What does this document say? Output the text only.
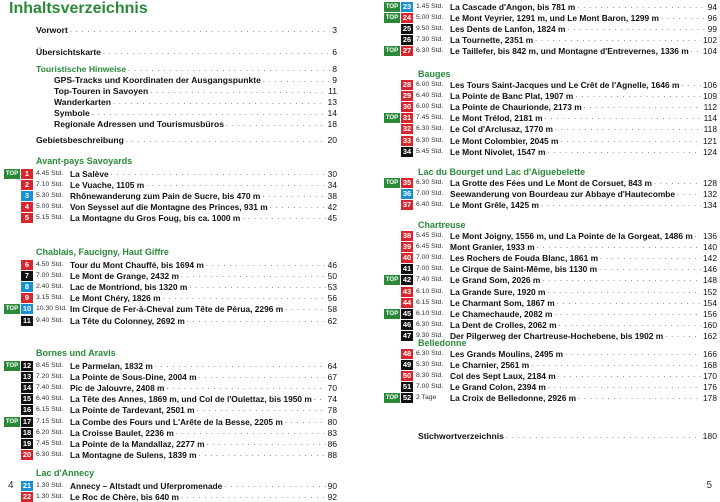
Inhaltsverzeichnis
Vorwort . . .	3
Übersichtskarte . . .	6
Touristische Hinweise . . .	8
GPS-Tracks und Koordinaten der Ausgangspunkte . . .	9
Top-Touren in Savoyen . . .	11
Wanderkarten . . .	13
Symbole . . .	14
Regionale Adressen und Tourismusbüros . . .	18
Gebietsbeschreibung . . .	20
Avant-pays Savoyards
TOP 1	4.45 Std. La Salève . . .	30
2	7.10 Std. Le Vuache, 1105 m . . .	34
3	5.30 Std. Rhônewanderung zum Pain de Sucre, bis 470 m . . .	38
4	5.00 Std. Von Seyssel auf die Montagne des Princes, 931 m . . .	42
5	5.15 Std. La Montagne du Gros Foug, bis ca. 1000 m . . .	45
Chablais, Faucigny, Haut Giffre
6	4.50 Std. Tour du Mont Chauffé, bis 1694 m . . .	46
7	7.00 Std. Le Mont de Grange, 2432 m . . .	50
8	2.40 Std. Lac de Montriond, bis 1320 m . . .	53
9	3.15 Std. Le Mont Chéry, 1826 m . . .	56
TOP 10 10.30 Std. Im Cirque de Fer-à-Cheval zum Tête de Pérua, 2296 m . . .	58
11 9.40 Std. La Tête du Colonney, 2692 m . . .	62
Bornes und Aravis
TOP 12 8.45 Std. Le Parmelan, 1832 m . . .	64
13 7.20 Std. La Pointe de Sous-Dine, 2004 m . . .	67
14 7.40 Std. Pic de Jalouvre, 2408 m . . .	70
15 6.40 Std. La Tête des Annes, 1869 m, und Col de l'Oulettaz, bis 1950 m . . . 74
16 6.15 Std. La Pointe de Tardevant, 2501 m . . .	78
TOP 17 7.15 Std. La Combe des Fours und L'Arête de la Besse, 2205 m . . .	80
18 6.20 Std. La Croisse Baulet, 2236 m . . .	83
19 7.45 Std. La Pointe de la Mandallaz, 2277 m . . .	86
20 6.30 Std. La Montagne de Sulens, 1839 m . . .	88
Lac d'Annecy
21 1.30 Std. Annecy – Altstadt und Uferpromenade . . .	90
22 1.30 Std. Le Roc de Chère, bis 640 m . . .	92
4
TOP 23 1.45 Std. La Cascade d'Angon, bis 781 m . . .	94
TOP 24 5.00 Std. Le Mont Veyrier, 1291 m, und Le Mont Baron, 1299 m . . .	96
25 9.50 Std. Les Dents de Lanfon, 1824 m . . .	99
26 7.30 Std. La Tournette, 2351 m . . .	102
TOP 27 6.30 Std. Le Taillefer, bis 842 m, und Montagne d'Entrevernes, 1336 m . . . 104
Bauges
28 6.00 Std. Les Tours Saint-Jacques und Le Crêt de l'Agnelle, 1646 m . . .	106
29 6.40 Std. La Pointe de Banc Plat, 1907 m . . .	109
30 6.00 Std. La Pointe de Chaurionde, 2173 m . . .	112
TOP 31 7.45 Std. Le Mont Trélod, 2181 m . . .	114
32 6.30 Std. Le Col d'Arclusaz, 1770 m . . .	118
33 6.30 Std. Le Mont Colombier, 2045 m . . .	121
34 5.45 Std. Le Mont Nivolet, 1547 m . . .	124
Lac du Bourget und Lac d'Aiguebelette
TOP 35 6.30 Std. La Grotte des Fées und Le Mont de Corsuet, 843 m . . .	128
36 7.00 Std. Seewanderung von Bourdeau zur Abbaye d'Hautecombe . . .	132
37 6.40 Std. Le Mont Grêle, 1425 m . . .	134
Chartreuse
38 5.45 Std. Le Mont Joigny, 1556 m, und La Pointe de la Gorgeat, 1486 m . . . 136
39 6.45 Std. Mont Granier, 1933 m . . .	140
40 7.00 Std. Les Rochers de Fouda Blanc, 1861 m . . .	142
41 7.00 Std. Le Cirque de Saint-Même, bis 1130 m . . .	146
TOP 42 7.40 Std. Le Grand Som, 2026 m . . .	148
43 6.10 Std. La Grande Sure, 1920 m . . .	152
44 6.15 Std. Le Charmant Som, 1867 m . . .	154
TOP 45 6.10 Std. Le Chamechaude, 2082 m . . .	156
46 6.30 Std. La Dent de Crolles, 2062 m . . .	160
47 9.30 Std. Der Pilgerweg der Chartreuse-Hochebene, bis 1902 m . . .	162
Belledonne
48 6.30 Std. Les Grands Moulins, 2495 m . . .	166
49 5.30 Std. Le Charnier, 2561 m . . .	168
50 8.30 Std. Col des Sept Laux, 2184 m . . .	170
51 7.00 Std. Le Grand Colon, 2394 m . . .	176
TOP 52 2 Tage	La Croix de Belledonne, 2926 m . . .	178
Stichwortverzeichnis . . .	180
5
